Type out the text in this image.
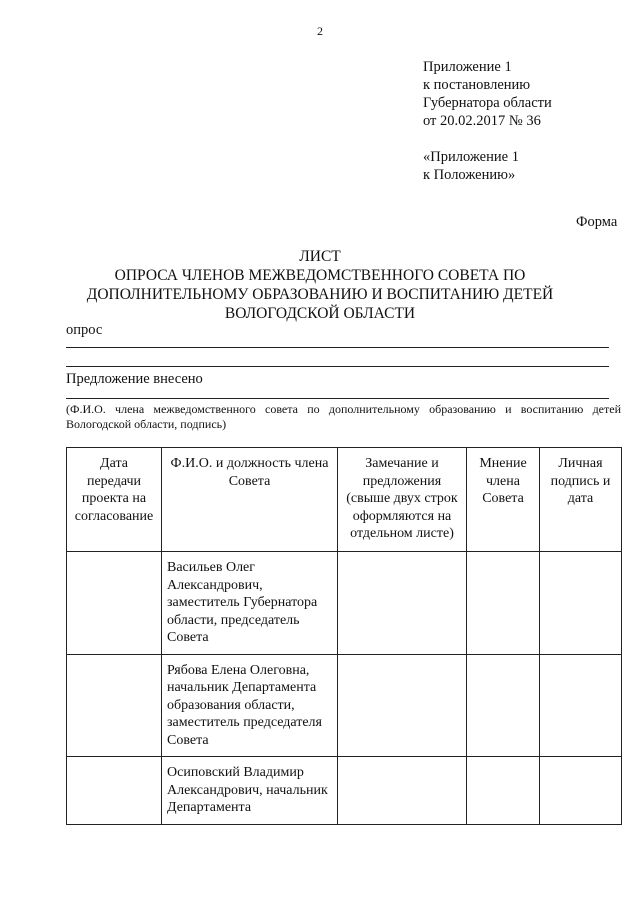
2
Приложение 1
к постановлению
Губернатора области
от 20.02.2017 № 36
«Приложение 1
к Положению»
Форма
ЛИСТ
ОПРОСА ЧЛЕНОВ МЕЖВЕДОМСТВЕННОГО СОВЕТА ПО
ДОПОЛНИТЕЛЬНОМУ ОБРАЗОВАНИЮ И ВОСПИТАНИЮ ДЕТЕЙ
ВОЛОГОДСКОЙ ОБЛАСТИ
опрос
Предложение внесено
(Ф.И.О. члена межведомственного совета по дополнительному образованию и воспитанию детей Вологодской области, подпись)
Дата передачи проекта на согласование	Ф.И.О. и должность члена Совета	Замечание и предложения (свыше двух строк оформляются на отдельном листе)	Мнение члена Совета	Личная подпись и дата
	Васильев Олег Александрович, заместитель Губернатора области, председатель Совета			
	Рябова Елена Олеговна, начальник Департамента образования области, заместитель председателя Совета			
	Осиповский Владимир Александрович, начальник Департамента			
